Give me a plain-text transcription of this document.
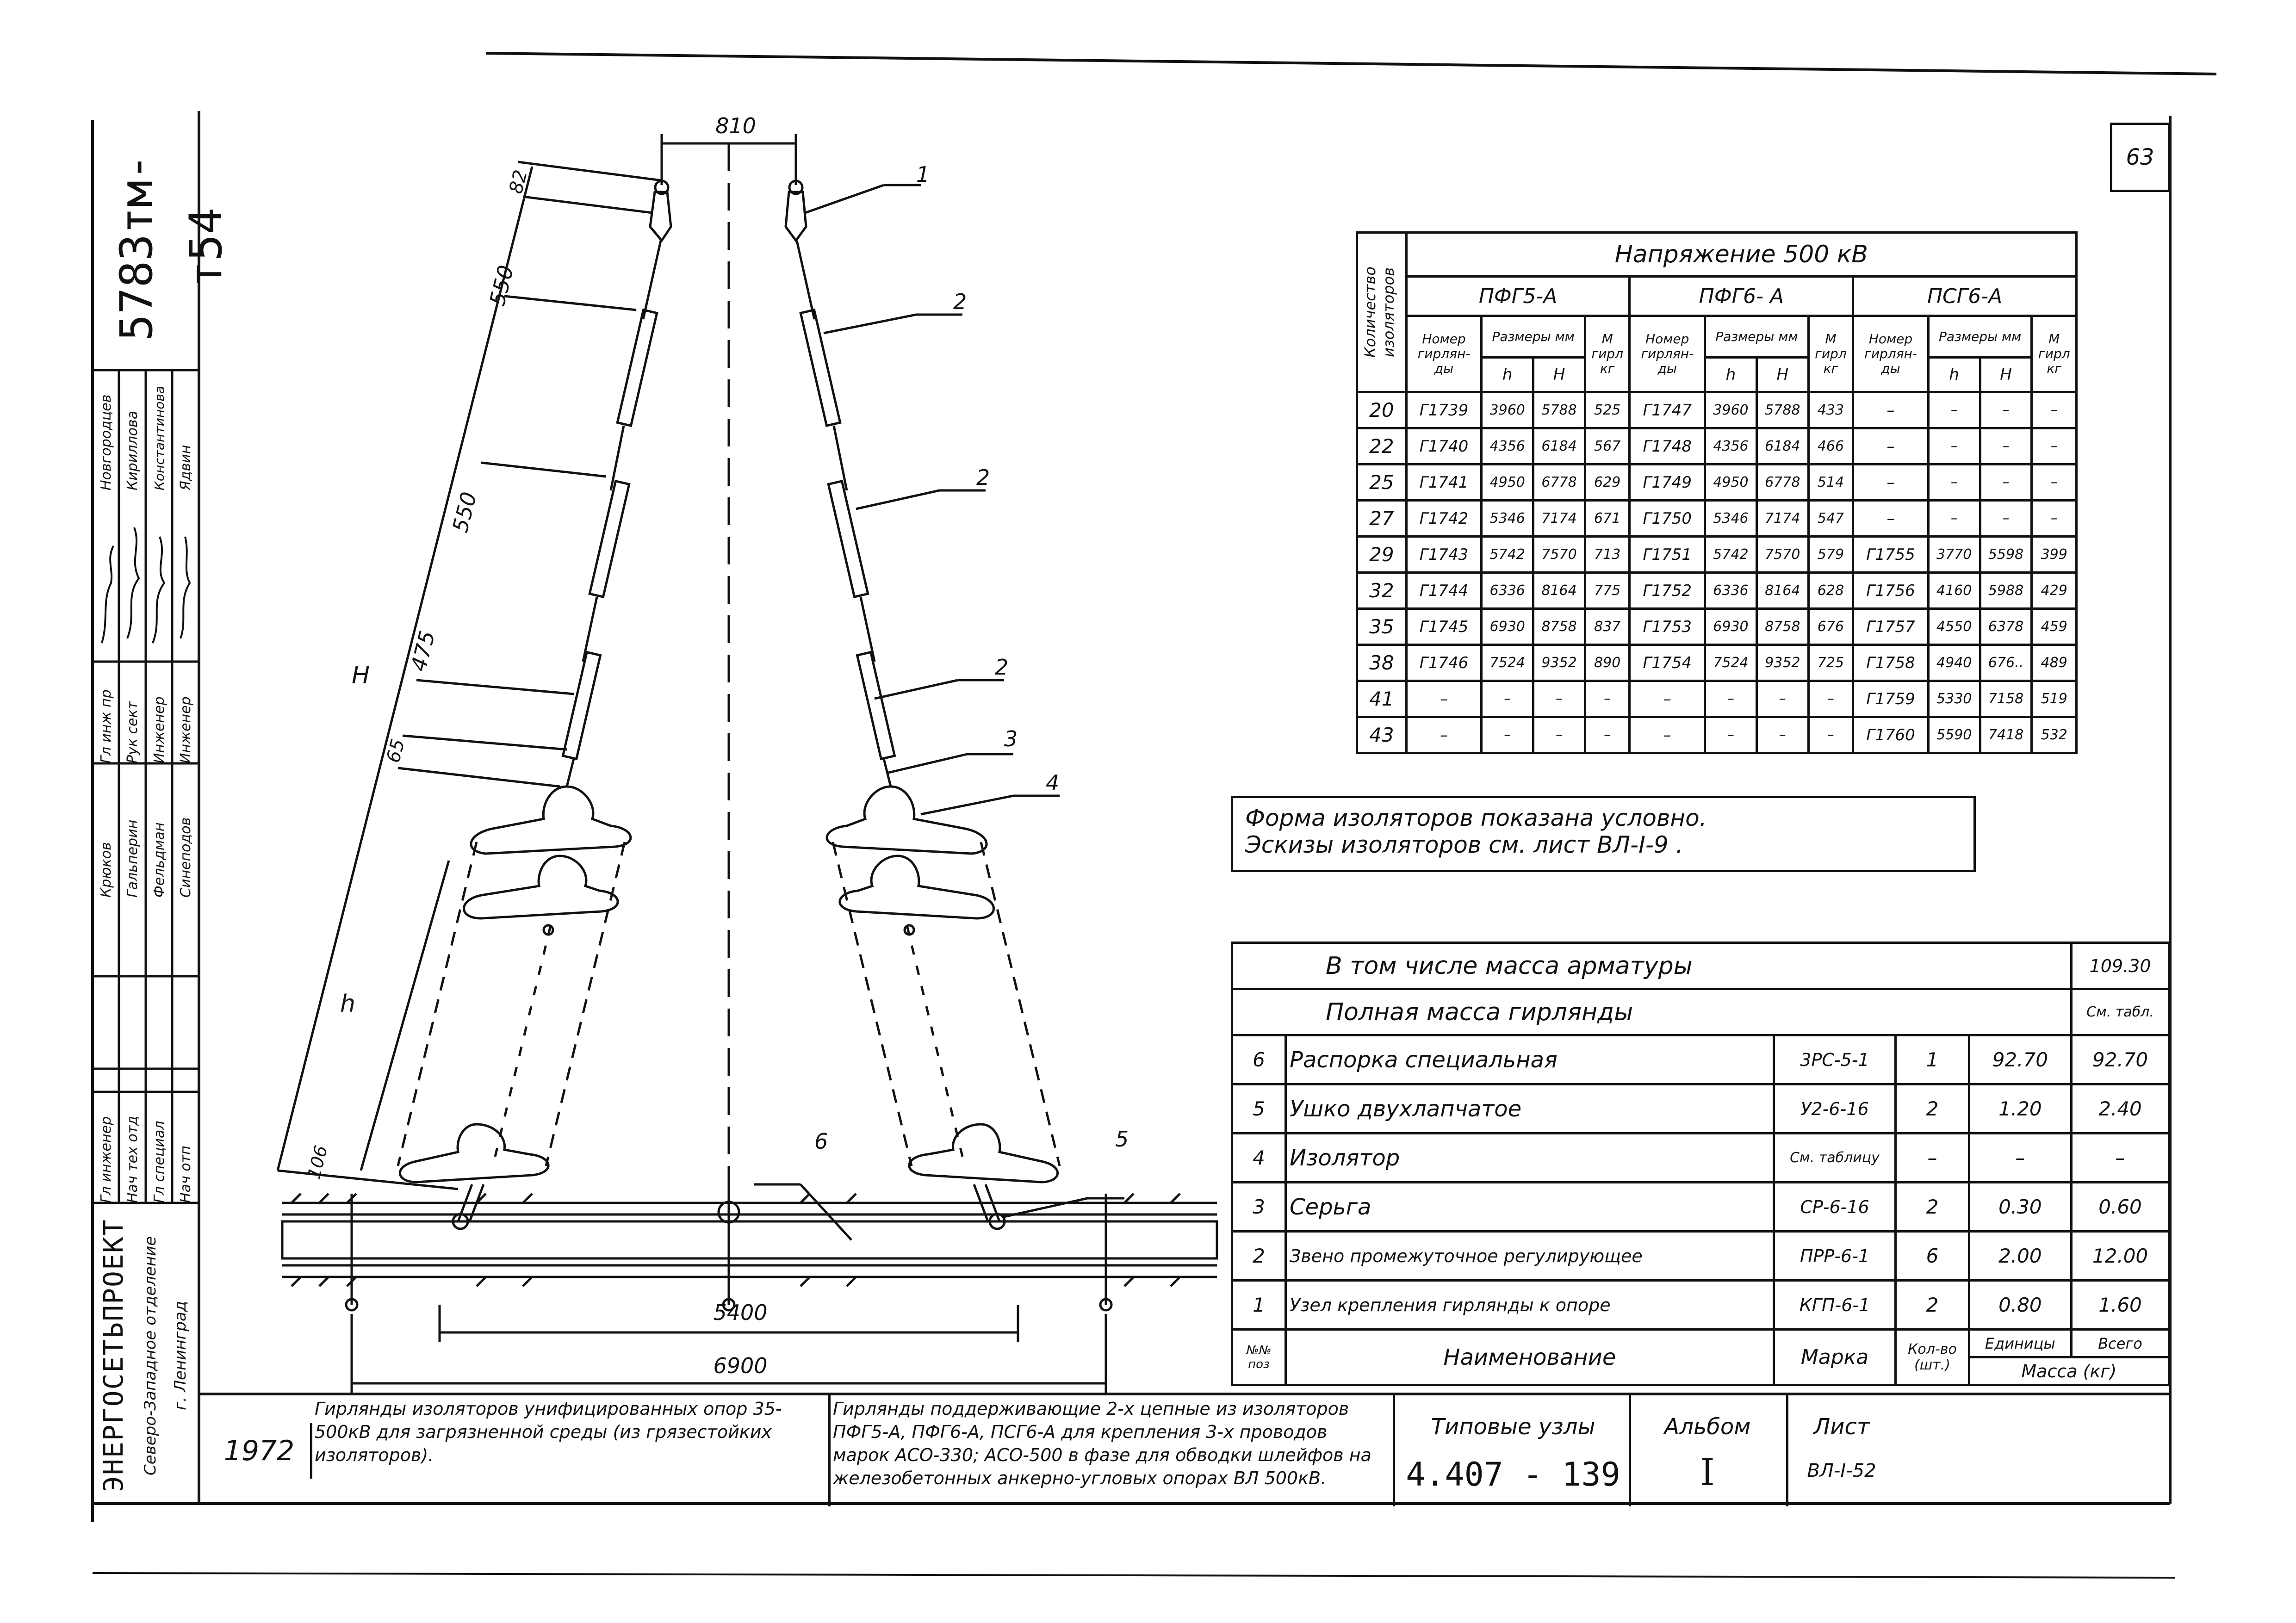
63
5783тм-т54
Гл инж пр Рук сект Инженер Инженер
Новгородцев Кириллова Константинова Ядвин
Гл инженер Нач тех отд Гл специал Нач отп
Крюков Гальперин Фельдман Синеподов
ЭНЕРГОСЕТЬПРОЕКТ Северо-Западное отделение г. Ленинград
810
82
550
550
475
65
106
H
h
5400
6900
1
2
2
2
3
4
5
6
Количество изоляторов	Напряжение 500 кВ											
	ПФГ5-А				ПФГ6- А				ПСГ6-А			
	Номер гирлян-ды	Размеры мм		М гирл кг	Номер гирлян-ды	Размеры мм		М гирл кг	Номер гирлян-ды	Размеры мм		М гирл кг
		h	H			h	H			h	H	
20	Г1739	3960	5788	525	Г1747	3960	5788	433	–	–	–	–
22	Г1740	4356	6184	567	Г1748	4356	6184	466	–	–	–	–
25	Г1741	4950	6778	629	Г1749	4950	6778	514	–	–	–	–
27	Г1742	5346	7174	671	Г1750	5346	7174	547	–	–	–	–
29	Г1743	5742	7570	713	Г1751	5742	7570	579	Г1755	3770	5598	399
32	Г1744	6336	8164	775	Г1752	6336	8164	628	Г1756	4160	5988	429
35	Г1745	6930	8758	837	Г1753	6930	8758	676	Г1757	4550	6378	459
38	Г1746	7524	9352	890	Г1754	7524	9352	725	Г1758	4940	676..	489
41	–	–	–	–	–	–	–	–	Г1759	5330	7158	519
43	–	–	–	–	–	–	–	–	Г1760	5590	7418	532
Форма изоляторов показана условно.
Эскизы изоляторов см. лист ВЛ-I-9 .
В том числе масса арматуры					109.30
Полная масса гирлянды					См. табл.
6	Распорка специальная	3РС-5-1	1	92.70	92.70
5	Ушко двухлапчатое	У2-6-16	2	1.20	2.40
4	Изолятор	См. таблицу	–	–	–
3	Серьга	СР-6-16	2	0.30	0.60
2	Звено промежуточное регулирующее	ПРР-6-1	6	2.00	12.00
1	Узел крепления гирлянды к опоре	КГП-6-1	2	0.80	1.60
№№ поз	Наименование	Марка	Кол-во (шт.)	Единицы	Всего
				Масса (кг)	
1972
Гирлянды изоляторов унифицированных опор 35-500кВ для загрязненной среды (из грязестойких изоляторов).
Гирлянды поддерживающие 2-х цепные из изоляторов ПФГ5-А, ПФГ6-А, ПСГ6-А для крепления 3-х проводов марок АСО-330; АСО-500 в фазе для обводки шлейфов на железобетонных анкерно-угловых опорах ВЛ 500кВ.
Типовые узлы
4.407 - 139
Альбом
I
Лист
ВЛ-I-52
